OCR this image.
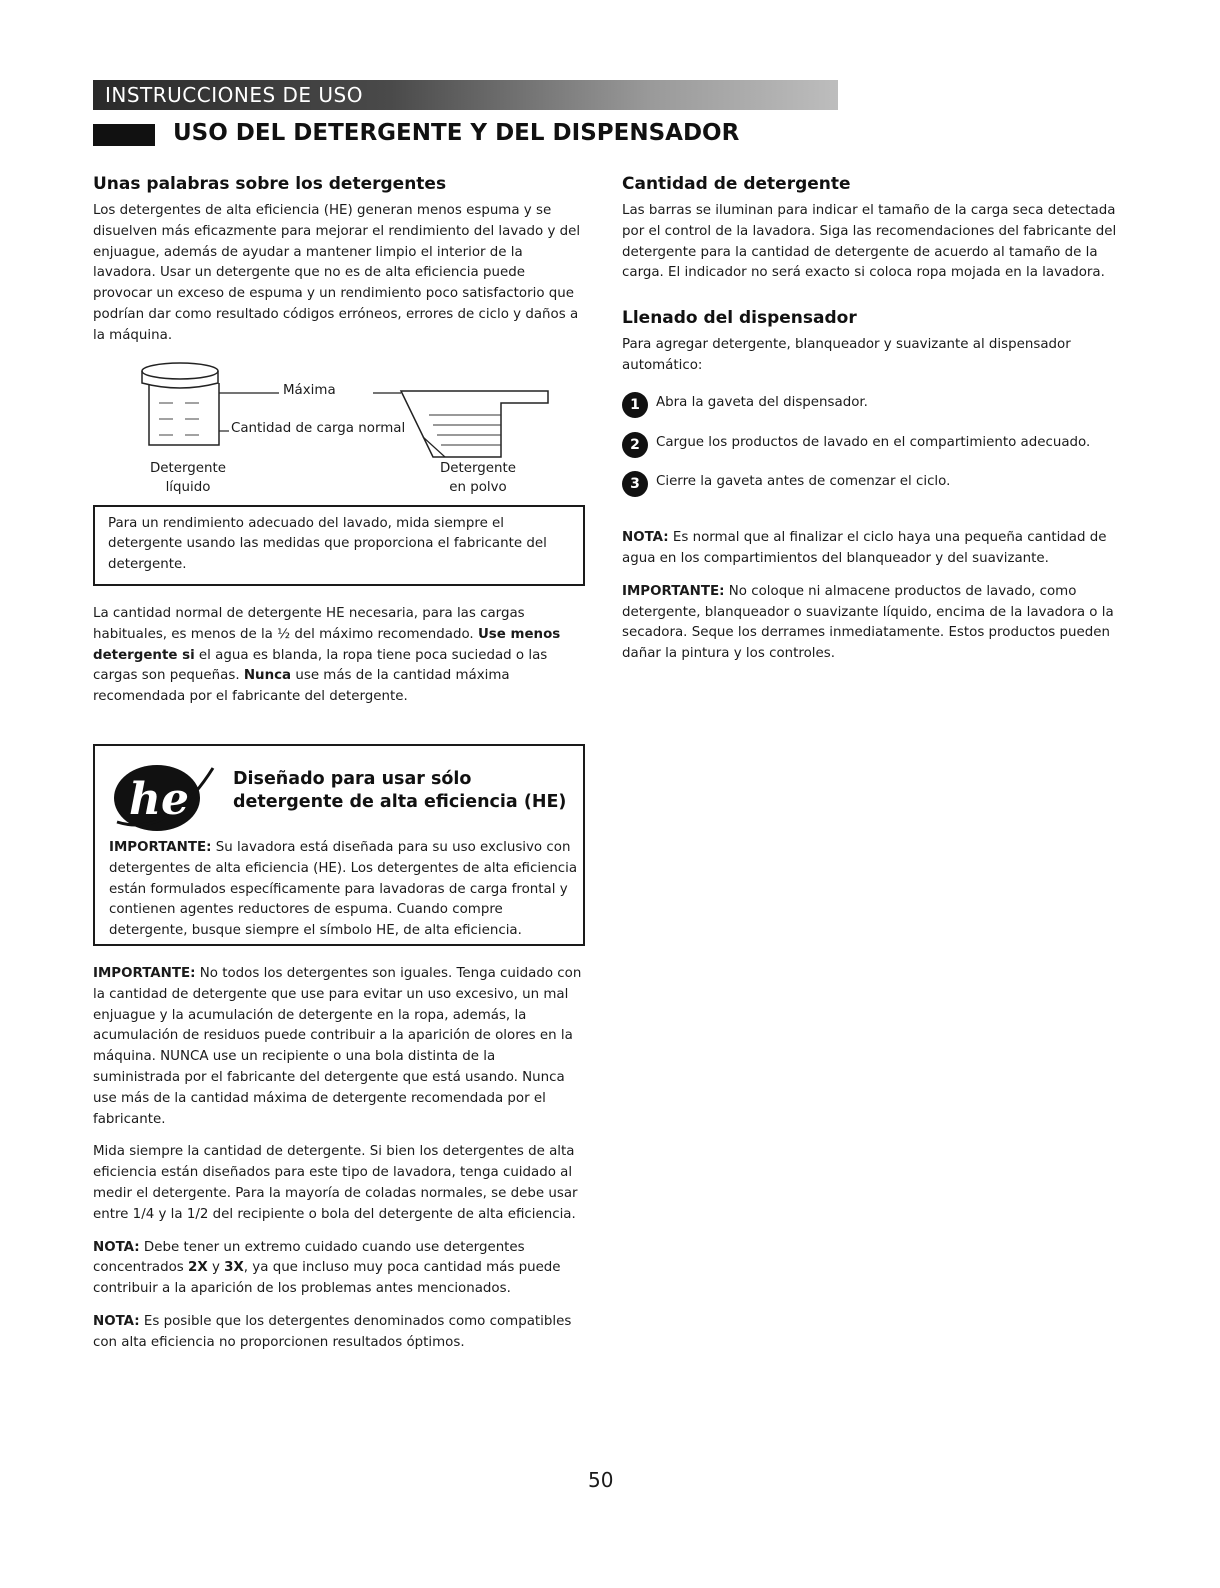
INSTRUCCIONES DE USO
USO DEL DETERGENTE Y DEL DISPENSADOR
Unas palabras sobre los detergentes

Los detergentes de alta eficiencia (HE) generan menos espuma y se disuelven más eficazmente para mejorar el rendimiento del lavado y del enjuague, además de ayudar a mantener limpio el interior de la lavadora. Usar un detergente que no es de alta eficiencia puede provocar un exceso de espuma y un rendimiento poco satisfactorio que podrían dar como resultado códigos erróneos, errores de ciclo y daños a la máquina.

Máxima
Cantidad de carga normal
Detergente
líquido
Detergente
en polvo

Para un rendimiento adecuado del lavado, mida siempre el detergente usando las medidas que proporciona el fabricante del detergente.

La cantidad normal de detergente HE necesaria, para las cargas habituales, es menos de la ½ del máximo recomendado. Use menos detergente si el agua es blanda, la ropa tiene poca suciedad o las cargas son pequeñas. Nunca use más de la cantidad máxima recomendada por el fabricante del detergente.

he	Diseñado para usar sólo
detergente de alta eficiencia (HE)
IMPORTANTE: Su lavadora está diseñada para su uso exclusivo con detergentes de alta eficiencia (HE). Los detergentes de alta eficiencia están formulados específicamente para lavadoras de carga frontal y contienen agentes reductores de espuma. Cuando compre detergente, busque siempre el símbolo HE, de alta eficiencia.

IMPORTANTE: No todos los detergentes son iguales. Tenga cuidado con la cantidad de detergente que use para evitar un uso excesivo, un mal enjuague y la acumulación de detergente en la ropa, además, la acumulación de residuos puede contribuir a la aparición de olores en la máquina. NUNCA use un recipiente o una bola distinta de la suministrada por el fabricante del detergente que está usando. Nunca use más de la cantidad máxima de detergente recomendada por el fabricante.

Mida siempre la cantidad de detergente. Si bien los detergentes de alta eficiencia están diseñados para este tipo de lavadora, tenga cuidado al medir el detergente. Para la mayoría de coladas normales, se debe usar entre 1/4 y la 1/2 del recipiente o bola del detergente de alta eficiencia.

NOTA: Debe tener un extremo cuidado cuando use detergentes concentrados 2X y 3X, ya que incluso muy poca cantidad más puede contribuir a la aparición de los problemas antes mencionados.

NOTA: Es posible que los detergentes denominados como compatibles con alta eficiencia no proporcionen resultados óptimos.

Cantidad de detergente

Las barras se iluminan para indicar el tamaño de la carga seca detectada por el control de la lavadora. Siga las recomendaciones del fabricante del detergente para la cantidad de detergente de acuerdo al tamaño de la carga. El indicador no será exacto si coloca ropa mojada en la lavadora.

Llenado del dispensador

Para agregar detergente, blanqueador y suavizante al dispensador automático:

1	Abra la gaveta del dispensador.
2	Cargue los productos de lavado en el compartimiento adecuado.
3	Cierre la gaveta antes de comenzar el ciclo.

NOTA: Es normal que al finalizar el ciclo haya una pequeña cantidad de agua en los compartimientos del blanqueador y del suavizante.

IMPORTANTE: No coloque ni almacene productos de lavado, como detergente, blanqueador o suavizante líquido, encima de la lavadora o la secadora. Seque los derrames inmediatamente. Estos productos pueden dañar la pintura y los controles.

50
